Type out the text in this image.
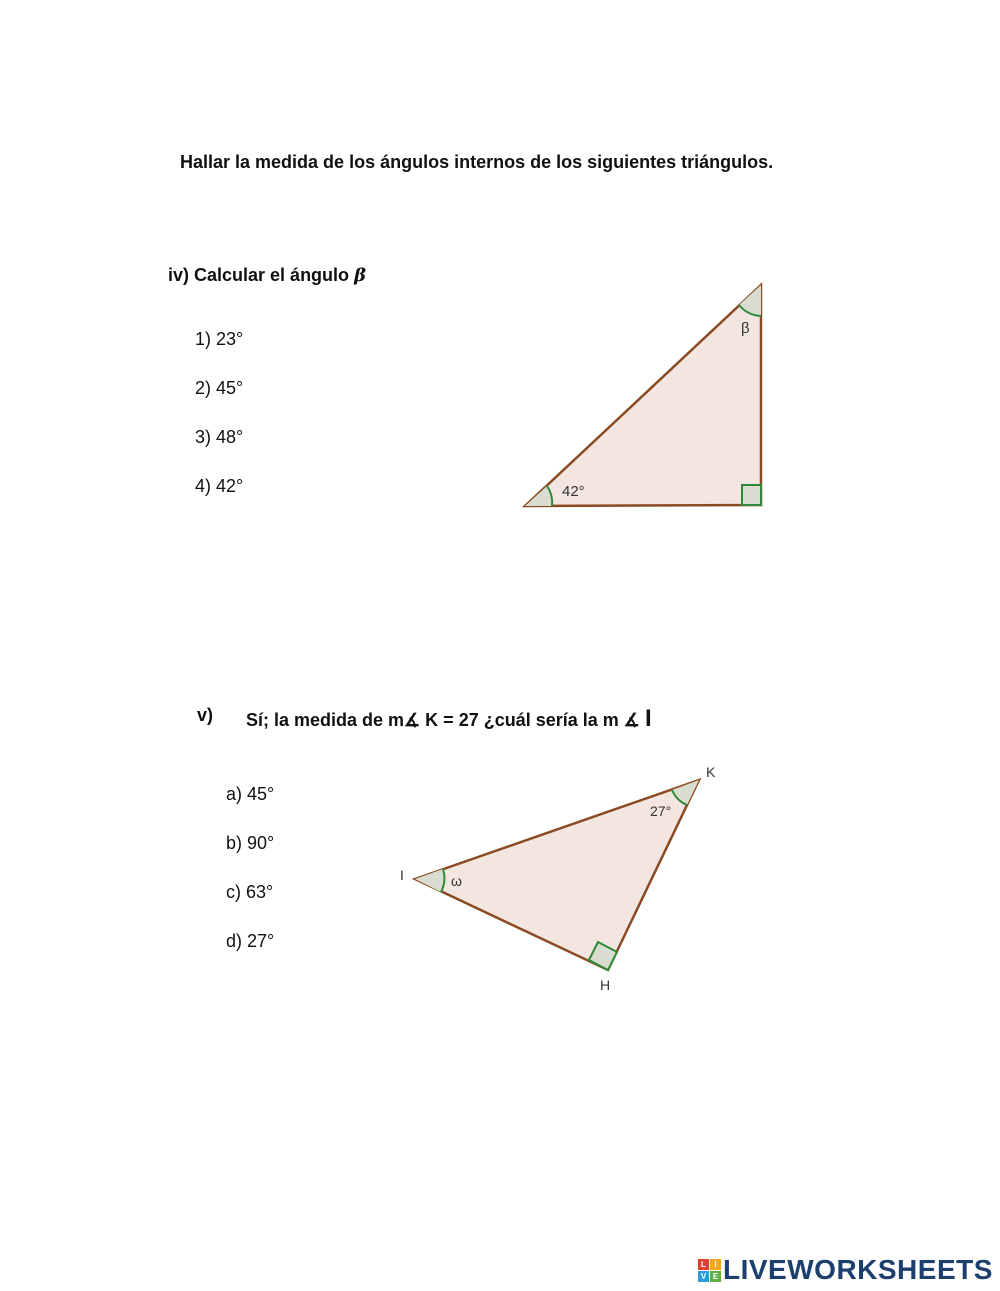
Hallar la medida de los ángulos internos de los siguientes triángulos.
iv) Calcular el ángulo β
1) 23°
2) 45°
3) 48°
4) 42°	42°
β
K
I
H
27°
ω
v) Sí; la medida de m∡ K = 27 ¿cuál sería la m ∡ I
a) 45°
b) 90°
c) 63°
d) 27°
L	I
V E LIVEWORKSHEETS
